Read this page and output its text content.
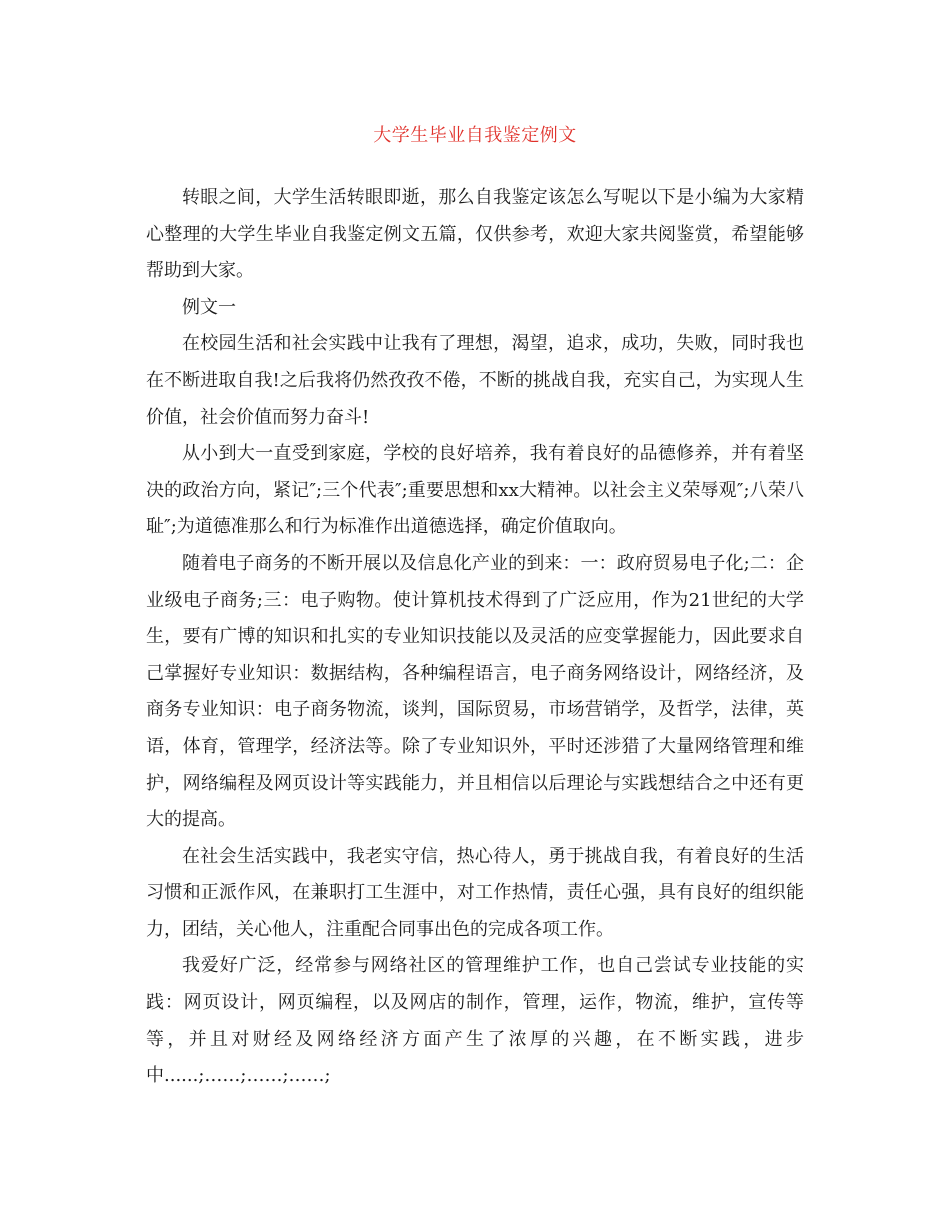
大学生毕业自我鉴定例文

转眼之间，大学生活转眼即逝，那么自我鉴定该怎么写呢以下是小编为大家精心整理的大学生毕业自我鉴定例文五篇，仅供参考，欢迎大家共阅鉴赏，希望能够帮助到大家。

例文一

在校园生活和社会实践中让我有了理想，渴望，追求，成功，失败，同时我也在不断进取自我!之后我将仍然孜孜不倦，不断的挑战自我，充实自己，为实现人生价值，社会价值而努力奋斗!

从小到大一直受到家庭，学校的良好培养，我有着良好的品德修养，并有着坚决的政治方向，紧记″;三个代表″;重要思想和xx大精神。以社会主义荣辱观″;八荣八耻″;为道德准那么和行为标准作出道德选择，确定价值取向。

随着电子商务的不断开展以及信息化产业的到来：一：政府贸易电子化;二：企业级电子商务;三：电子购物。使计算机技术得到了广泛应用，作为21世纪的大学生，要有广博的知识和扎实的专业知识技能以及灵活的应变掌握能力，因此要求自己掌握好专业知识：数据结构，各种编程语言，电子商务网络设计，网络经济，及商务专业知识：电子商务物流，谈判，国际贸易，市场营销学，及哲学，法律，英语，体育，管理学，经济法等。除了专业知识外，平时还涉猎了大量网络管理和维护，网络编程及网页设计等实践能力，并且相信以后理论与实践想结合之中还有更大的提高。

在社会生活实践中，我老实守信，热心待人，勇于挑战自我，有着良好的生活习惯和正派作风，在兼职打工生涯中，对工作热情，责任心强，具有良好的组织能力，团结，关心他人，注重配合同事出色的完成各项工作。

我爱好广泛，经常参与网络社区的管理维护工作，也自己尝试专业技能的实践：网页设计，网页编程，以及网店的制作，管理，运作，物流，维护，宣传等等，并且对财经及网络经济方面产生了浓厚的兴趣，在不断实践，进步中......;……;……;……;
